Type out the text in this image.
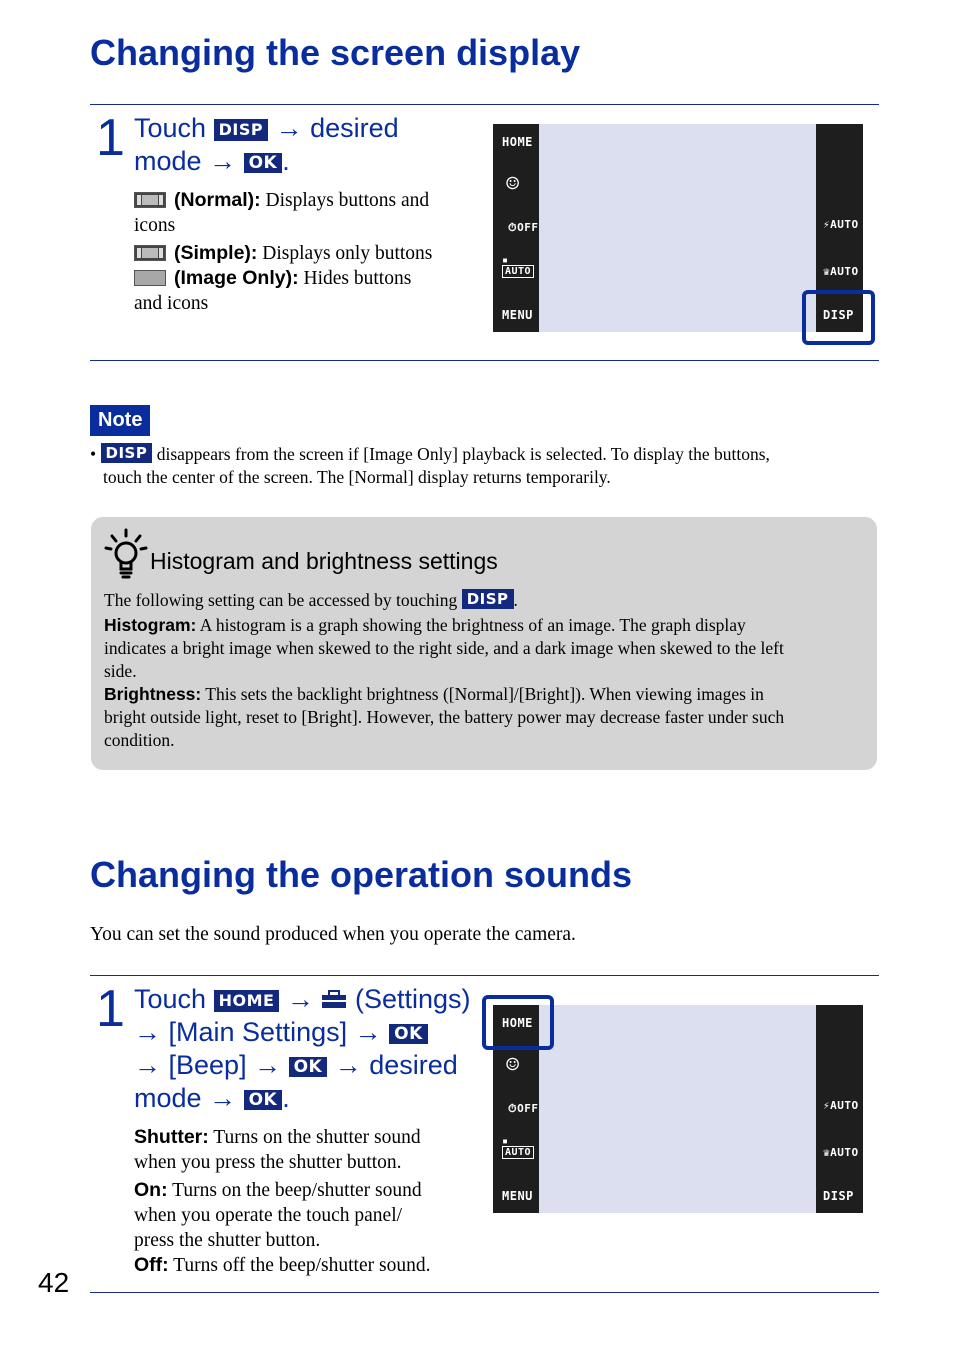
Changing the screen display
1 Touch DISP → desired
mode → OK .
(Normal): Displays buttons and
icons
(Simple): Displays only buttons
(Image Only): Hides buttons
and icons
HOME
☺
⏱OFF
▪
AUTO
MENU
⚡AUTO
♛AUTO
DISP
Note
• DISP disappears from the screen if [Image Only] playback is selected. To display the buttons,
touch the center of the screen. The [Normal] display returns temporarily.
Histogram and brightness settings
The following setting can be accessed by touching DISP .
Histogram: A histogram is a graph showing the brightness of an image. The graph display
indicates a bright image when skewed to the right side, and a dark image when skewed to the left
side.
Brightness: This sets the backlight brightness ([Normal]/[Bright]). When viewing images in
bright outside light, reset to [Bright]. However, the battery power may decrease faster under such
condition.
Changing the operation sounds
You can set the sound produced when you operate the camera.
1 Touch HOME → (Settings)
→ [Main Settings] → OK
→ [Beep] → OK → desired
mode → OK .
Shutter: Turns on the shutter sound
when you press the shutter button.
On: Turns on the beep/shutter sound
when you operate the touch panel/
press the shutter button.
Off: Turns off the beep/shutter sound.
HOME
☺
⏱OFF
▪
AUTO
MENU
⚡AUTO
♛AUTO
DISP
42
